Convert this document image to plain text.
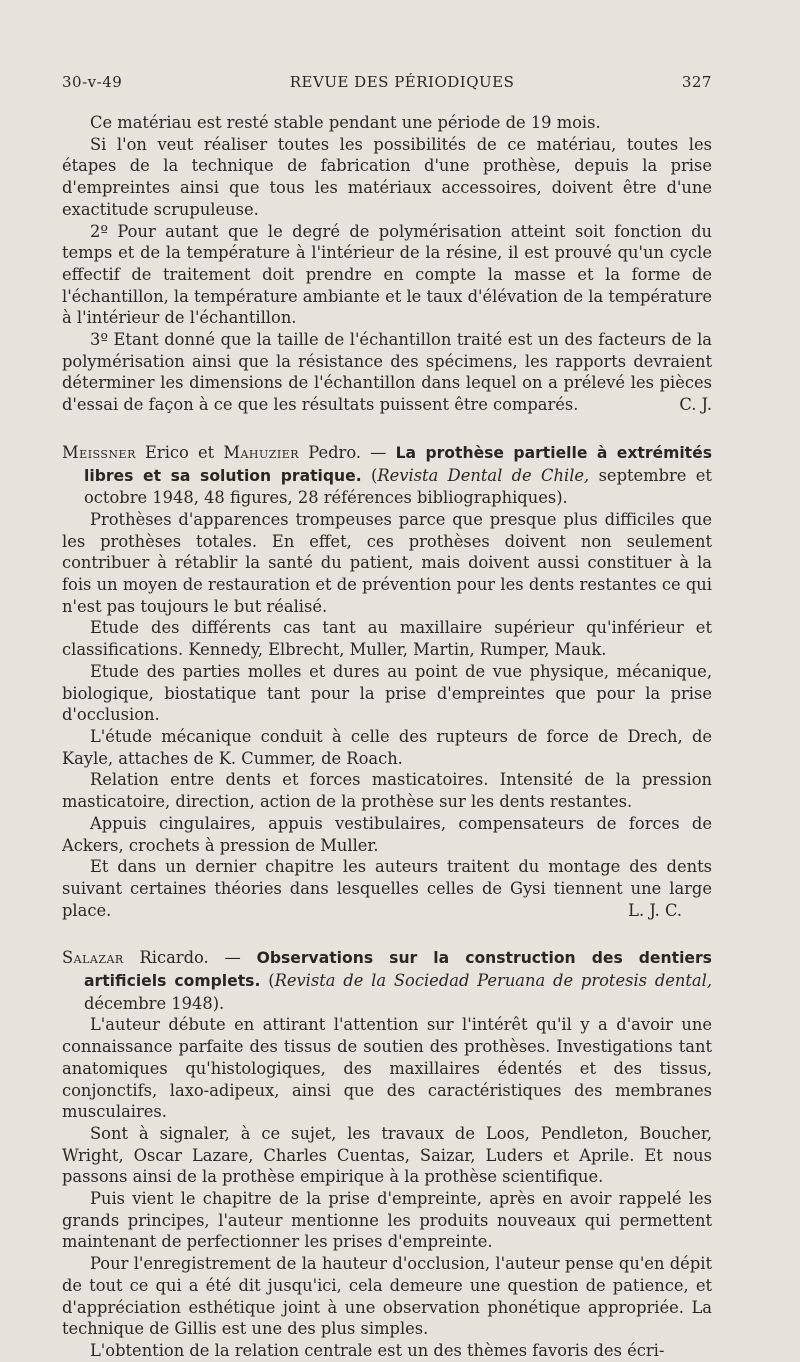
30-v-49	REVUE DES PÉRIODIQUES	327

Ce matériau est resté stable pendant une période de 19 mois.

Si l'on veut réaliser toutes les possibilités de ce matériau, toutes les étapes de la technique de fabrication d'une prothèse, depuis la prise d'empreintes ainsi que tous les matériaux accessoires, doivent être d'une exactitude scrupuleuse.

2º Pour autant que le degré de polymérisation atteint soit fonction du temps et de la température à l'intérieur de la résine, il est prouvé qu'un cycle effectif de traitement doit prendre en compte la masse et la forme de l'échantillon, la température ambiante et le taux d'élévation de la température à l'intérieur de l'échantillon.

3º Etant donné que la taille de l'échantillon traité est un des facteurs de la polymérisation ainsi que la résistance des spécimens, les rapports devraient déterminer les dimensions de l'échantillon dans lequel on a prélevé les pièces d'essai de façon à ce que les résultats puissent être comparés.	C. J.

Meissner Erico et Mahuzier Pedro. — La prothèse partielle à extrémités libres et sa solution pratique. (Revista Dental de Chile, septembre et octobre 1948, 48 figures, 28 références bibliographiques).

Prothèses d'apparences trompeuses parce que presque plus difficiles que les prothèses totales. En effet, ces prothèses doivent non seulement contribuer à rétablir la santé du patient, mais doivent aussi constituer à la fois un moyen de restauration et de prévention pour les dents restantes ce qui n'est pas toujours le but réalisé.

Etude des différents cas tant au maxillaire supérieur qu'inférieur et classifications. Kennedy, Elbrecht, Muller, Martin, Rumper, Mauk.

Etude des parties molles et dures au point de vue physique, mécanique, biologique, biostatique tant pour la prise d'empreintes que pour la prise d'occlusion.

L'étude mécanique conduit à celle des rupteurs de force de Drech, de Kayle, attaches de K. Cummer, de Roach.

Relation entre dents et forces masticatoires. Intensité de la pression masticatoire, direction, action de la prothèse sur les dents restantes.

Appuis cingulaires, appuis vestibulaires, compensateurs de forces de Ackers, crochets à pression de Muller.

Et dans un dernier chapitre les auteurs traitent du montage des dents suivant certaines théories dans lesquelles celles de Gysi tiennent une large place.	L. J. C.

Salazar Ricardo. — Observations sur la construction des dentiers artificiels complets. (Revista de la Sociedad Peruana de protesis dental, décembre 1948).

L'auteur débute en attirant l'attention sur l'intérêt qu'il y a d'avoir une connaissance parfaite des tissus de soutien des prothèses. Investigations tant anatomiques qu'histologiques, des maxillaires édentés et des tissus, conjonctifs, laxo-adipeux, ainsi que des caractéristiques des membranes musculaires.

Sont à signaler, à ce sujet, les travaux de Loos, Pendleton, Boucher, Wright, Oscar Lazare, Charles Cuentas, Saizar, Luders et Aprile. Et nous passons ainsi de la prothèse empirique à la prothèse scientifique.

Puis vient le chapitre de la prise d'empreinte, après en avoir rappelé les grands principes, l'auteur mentionne les produits nouveaux qui permettent maintenant de perfectionner les prises d'empreinte.

Pour l'enregistrement de la hauteur d'occlusion, l'auteur pense qu'en dépit de tout ce qui a été dit jusqu'ici, cela demeure une question de patience, et d'appréciation esthétique joint à une observation phonétique appropriée. La technique de Gillis est une des plus simples.

L'obtention de la relation centrale est un des thèmes favoris des écri-
